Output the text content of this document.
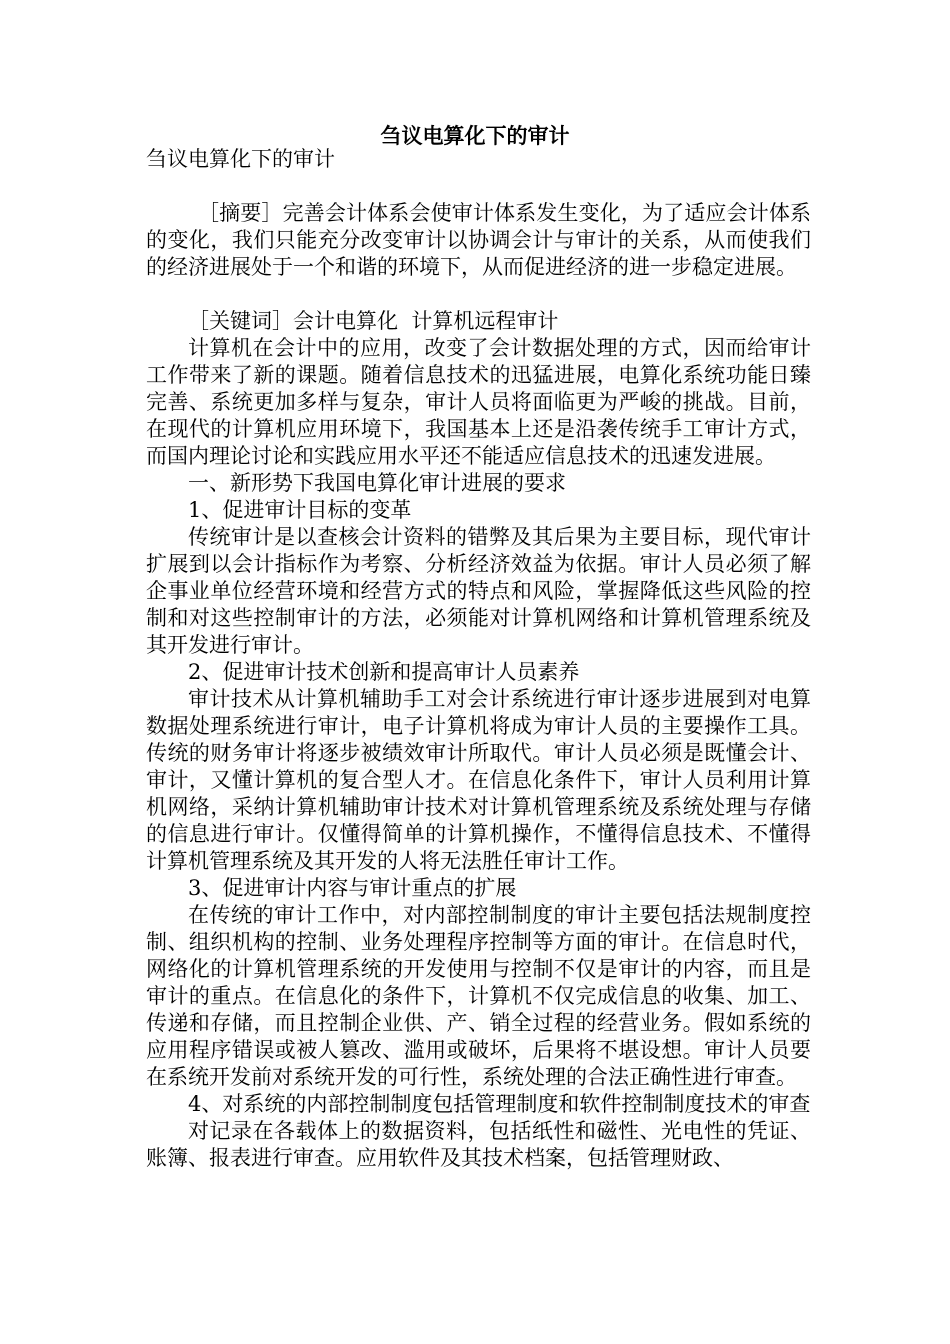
刍议电算化下的审计

刍议电算化下的审计

［摘要］完善会计体系会使审计体系发生变化，为了适应会计体系的变化，我们只能充分改变审计以协调会计与审计的关系，从而使我们的经济进展处于一个和谐的环境下，从而促进经济的进一步稳定进展。

［关键词］会计电算化  计算机远程审计

计算机在会计中的应用，改变了会计数据处理的方式，因而给审计工作带来了新的课题。随着信息技术的迅猛进展，电算化系统功能日臻完善、系统更加多样与复杂，审计人员将面临更为严峻的挑战。目前，在现代的计算机应用环境下，我国基本上还是沿袭传统手工审计方式，而国内理论讨论和实践应用水平还不能适应信息技术的迅速发进展。

一、新形势下我国电算化审计进展的要求

1、促进审计目标的变革

传统审计是以查核会计资料的错弊及其后果为主要目标，现代审计扩展到以会计指标作为考察、分析经济效益为依据。审计人员必须了解企事业单位经营环境和经营方式的特点和风险，掌握降低这些风险的控制和对这些控制审计的方法，必须能对计算机网络和计算机管理系统及其开发进行审计。

2、促进审计技术创新和提高审计人员素养

审计技术从计算机辅助手工对会计系统进行审计逐步进展到对电算数据处理系统进行审计，电子计算机将成为审计人员的主要操作工具。传统的财务审计将逐步被绩效审计所取代。审计人员必须是既懂会计、审计，又懂计算机的复合型人才。在信息化条件下，审计人员利用计算机网络，采纳计算机辅助审计技术对计算机管理系统及系统处理与存储的信息进行审计。仅懂得简单的计算机操作，不懂得信息技术、不懂得计算机管理系统及其开发的人将无法胜任审计工作。

3、促进审计内容与审计重点的扩展

在传统的审计工作中，对内部控制制度的审计主要包括法规制度控制、组织机构的控制、业务处理程序控制等方面的审计。在信息时代，网络化的计算机管理系统的开发使用与控制不仅是审计的内容，而且是审计的重点。在信息化的条件下，计算机不仅完成信息的收集、加工、传递和存储，而且控制企业供、产、销全过程的经营业务。假如系统的应用程序错误或被人篡改、滥用或破坏，后果将不堪设想。审计人员要在系统开发前对系统开发的可行性，系统处理的合法正确性进行审查。

4、对系统的内部控制制度包括管理制度和软件控制制度技术的审查

对记录在各载体上的数据资料，包括纸性和磁性、光电性的凭证、账簿、报表进行审查。应用软件及其技术档案，包括管理财政、
